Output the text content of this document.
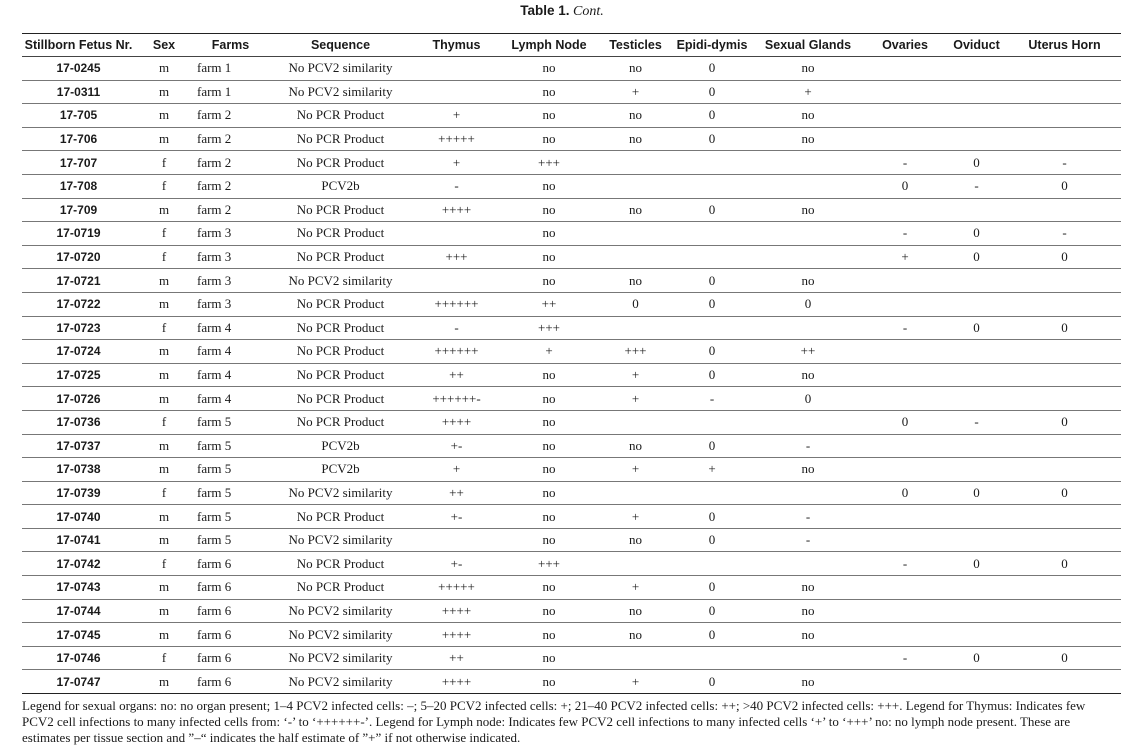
Table 1. Cont.
Stillborn Fetus Nr.	Sex	Farms	Sequence	Thymus	Lymph Node	Testicles	Epidi-dymis	Sexual Glands	Ovaries	Oviduct	Uterus Horn
17-0245	m	farm 1	No PCV2 similarity		no	no	0	no			
17-0311	m	farm 1	No PCV2 similarity		no	+	0	+			
17-705	m	farm 2	No PCR Product	+	no	no	0	no			
17-706	m	farm 2	No PCR Product	+++++	no	no	0	no			
17-707	f	farm 2	No PCR Product	+	+++				-	0	-
17-708	f	farm 2	PCV2b	-	no				0	-	0
17-709	m	farm 2	No PCR Product	++++	no	no	0	no			
17-0719	f	farm 3	No PCR Product		no				-	0	-
17-0720	f	farm 3	No PCR Product	+++	no				+	0	0
17-0721	m	farm 3	No PCV2 similarity		no	no	0	no			
17-0722	m	farm 3	No PCR Product	++++++	++	0	0	0			
17-0723	f	farm 4	No PCR Product	-	+++				-	0	0
17-0724	m	farm 4	No PCR Product	++++++	+	+++	0	++			
17-0725	m	farm 4	No PCR Product	++	no	+	0	no			
17-0726	m	farm 4	No PCR Product	++++++-	no	+	-	0			
17-0736	f	farm 5	No PCR Product	++++	no				0	-	0
17-0737	m	farm 5	PCV2b	+-	no	no	0	-			
17-0738	m	farm 5	PCV2b	+	no	+	+	no			
17-0739	f	farm 5	No PCV2 similarity	++	no				0	0	0
17-0740	m	farm 5	No PCR Product	+-	no	+	0	-			
17-0741	m	farm 5	No PCV2 similarity		no	no	0	-			
17-0742	f	farm 6	No PCR Product	+-	+++				-	0	0
17-0743	m	farm 6	No PCR Product	+++++	no	+	0	no			
17-0744	m	farm 6	No PCV2 similarity	++++	no	no	0	no			
17-0745	m	farm 6	No PCV2 similarity	++++	no	no	0	no			
17-0746	f	farm 6	No PCV2 similarity	++	no				-	0	0
17-0747	m	farm 6	No PCV2 similarity	++++	no	+	0	no			
Legend for sexual organs: no: no organ present; 1–4 PCV2 infected cells: –; 5–20 PCV2 infected cells: +; 21–40 PCV2 infected cells: ++; >40 PCV2 infected cells: +++. Legend for Thymus: Indicates few PCV2 cell infections to many infected cells from: ‘-’ to ‘++++++-’. Legend for Lymph node: Indicates few PCV2 cell infections to many infected cells ‘+’ to ‘+++’ no: no lymph node present. These are estimates per tissue section and ”–“ indicates the half estimate of ”+” if not otherwise indicated.
